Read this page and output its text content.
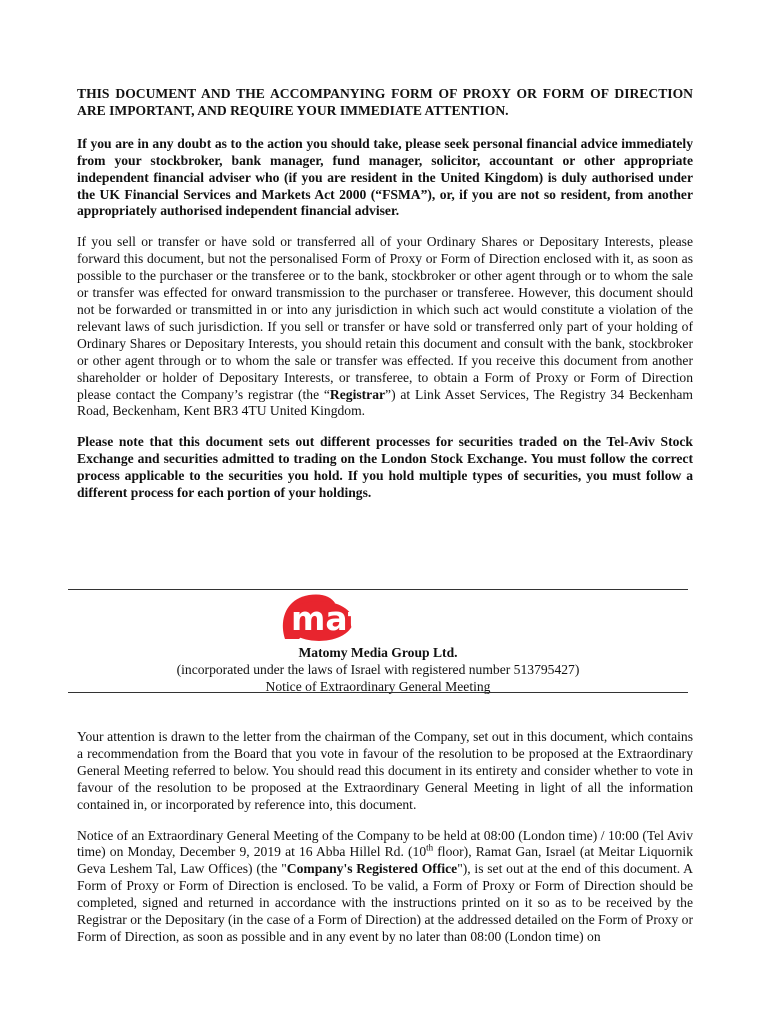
THIS DOCUMENT AND THE ACCOMPANYING FORM OF PROXY OR FORM OF DIRECTION ARE IMPORTANT, AND REQUIRE YOUR IMMEDIATE ATTENTION.

If you are in any doubt as to the action you should take, please seek personal financial advice immediately from your stockbroker, bank manager, fund manager, solicitor, accountant or other appropriate independent financial adviser who (if you are resident in the United Kingdom) is duly authorised under the UK Financial Services and Markets Act 2000 (“FSMA”), or, if you are not so resident, from another appropriately authorised independent financial adviser.

If you sell or transfer or have sold or transferred all of your Ordinary Shares or Depositary Interests, please forward this document, but not the personalised Form of Proxy or Form of Direction enclosed with it, as soon as possible to the purchaser or the transferee or to the bank, stockbroker or other agent through or to whom the sale or transfer was effected for onward transmission to the purchaser or transferee. However, this document should not be forwarded or transmitted in or into any jurisdiction in which such act would constitute a violation of the relevant laws of such jurisdiction. If you sell or transfer or have sold or transferred only part of your holding of Ordinary Shares or Depositary Interests, you should retain this document and consult with the bank, stockbroker or other agent through or to whom the sale or transfer was effected. If you receive this document from another shareholder or holder of Depositary Interests, or transferee, to obtain a Form of Proxy or Form of Direction please contact the Company’s registrar (the “Registrar”) at Link Asset Services, The Registry 34 Beckenham Road, Beckenham, Kent BR3 4TU United Kingdom.

Please note that this document sets out different processes for securities traded on the Tel-Aviv Stock Exchange and securities admitted to trading on the London Stock Exchange. You must follow the correct process applicable to the securities you hold. If you hold multiple types of securities, you must follow a different process for each portion of your holdings.

matomy
Matomy Media Group Ltd.
(incorporated under the laws of Israel with registered number 513795427)
Notice of Extraordinary General Meeting

Your attention is drawn to the letter from the chairman of the Company, set out in this document, which contains a recommendation from the Board that you vote in favour of the resolution to be proposed at the Extraordinary General Meeting referred to below. You should read this document in its entirety and consider whether to vote in favour of the resolution to be proposed at the Extraordinary General Meeting in light of all the information contained in, or incorporated by reference into, this document.

Notice of an Extraordinary General Meeting of the Company to be held at 08:00 (London time) / 10:00 (Tel Aviv time) on Monday, December 9, 2019 at 16 Abba Hillel Rd. (10th floor), Ramat Gan, Israel (at Meitar Liquornik Geva Leshem Tal, Law Offices) (the "Company's Registered Office"), is set out at the end of this document. A Form of Proxy or Form of Direction is enclosed. To be valid, a Form of Proxy or Form of Direction should be completed, signed and returned in accordance with the instructions printed on it so as to be received by the Registrar or the Depositary (in the case of a Form of Direction) at the addressed detailed on the Form of Proxy or Form of Direction, as soon as possible and in any event by no later than 08:00 (London time) on
